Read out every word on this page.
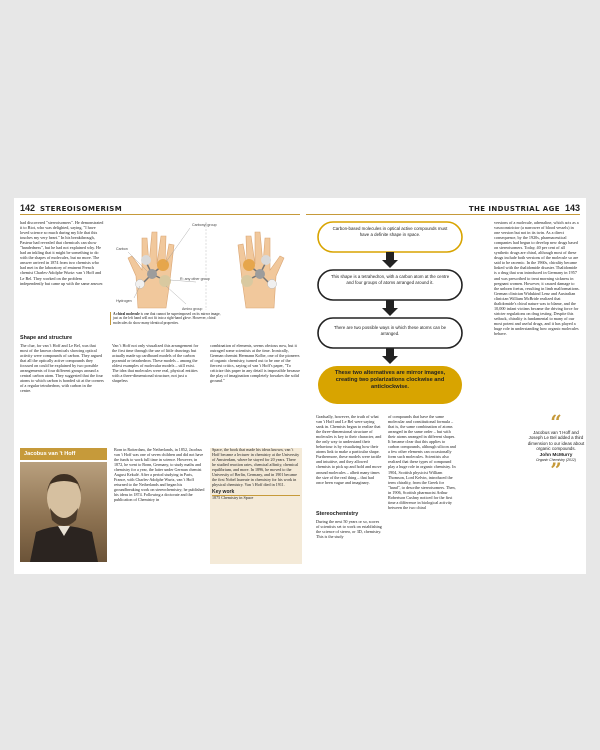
142 STEREOISOMERISM
had discovered "stereoisomers". He demonstrated it to Biot, who was delighted, saying, "I have loved science so much during my life that this touches my very heart." In his breakthrough, Pasteur had revealed that chemicals can show "handedness", but he had not explained why. He had an inkling that it might be something to do with the shapes of molecules, but no more. The answer arrived in 1874 from two chemists who had met in the laboratory of eminent French chemist Charles-Adolphe Wurtz: van 't Hoff and Le Bel. They worked on the problem independently but came up with the same answer.
Shape and structure
The clue, for van 't Hoff and Le Bel, was that most of the known chemicals showing optical activity were compounds of carbon. They argued that all the optically active compounds they focused on could be explained by two possible arrangements of four different groups around a central carbon atom. They suggested that the four atoms to which carbon is bonded sit at the corners of a regular tetrahedron, with carbon in the centre.
Carbon
Carbonyl group
Hydrogen
R: any other group
Amino group
A chiral molecule is one that cannot be superimposed on its mirror image, just as the left hand will not fit into a right-hand glove. However, chiral molecules do show many identical properties.
Van 't Hoff not only visualized this arrangement for the first time through the use of little drawings but actually made up cardboard models of the carbon pyramid or tetrahedron. These models – among the oldest examples of molecular models – still exist. The idea that molecules were real, physical entities with a three-dimensional structure, not just a shapeless
combination of elements, seems obvious now, but it outraged some scientists at the time. Ironically, German chemist Hermann Kolbe, one of the pioneers of organic chemistry, turned out to be one of the fiercest critics, saying of van 't Hoff's paper, "To criticize this paper in any detail is impossible because the play of imagination completely forsakes the solid ground."
Jacobus van 't Hoff
Born in Rotterdam, the Netherlands, in 1852, Jacobus van 't Hoff was one of seven children and did not have the funds to work full time in science. However, in 1872, he went to Bonn, Germany, to study maths and chemistry for a year, the latter under German chemist August Kekulé. After a period studying in Paris, France, with Charles-Adolphe Wurtz, van 't Hoff returned to the Netherlands and began his groundbreaking work on stereochemistry; he published his ideas in 1874. Following a doctorate and the publication of Chemistry in
Space, the book that made his ideas known, van 't Hoff became a lecturer in chemistry at the University of Amsterdam, where he stayed for 20 years. There he studied reaction rates, chemical affinity, chemical equilibrium, and more. In 1896, he moved to the University of Berlin, Germany, and in 1901 became the first Nobel laureate in chemistry for his work in physical chemistry. Van 't Hoff died in 1911.
Key work
1875 Chemistry in Space
THE INDUSTRIAL AGE 143
Carbon-based molecules in optical active compounds must have a definite shape in space.
This shape is a tetrahedron, with a carbon atom at the centre and four groups of atoms arranged around it.
There are two possible ways in which these atoms can be arranged.
These two alternatives are mirror images, creating two polarizations clockwise and anticlockwise.
Gradually, however, the truth of what van 't Hoff and Le Bel were saying sank in. Chemists began to realize that the three-dimensional structure of molecules is key to their character, and the only way to understand their behaviour is by visualizing how their atoms link to make a particular shape. Furthermore, these models were tactile and intuitive, and they allowed chemists to pick up and hold and move around molecules – albeit many times the size of the real thing – that had once been vague and imaginary.
Stereochemistry
During the next 50 years or so, scores of scientists set to work on establishing the science of stereo, or 3D, chemistry. This is the study
of compounds that have the same molecular and constitutional formula – that is, the same combination of atoms arranged in the same order – but with their atoms arranged in different shapes. It became clear that this applies to carbon compounds, although silicon and a few other elements can occasionally form such molecules. Scientists also realized that these types of compound play a huge role in organic chemistry. In 1904, Scottish physicist William Thomson, Lord Kelvin, introduced the term chirality, from the Greek for "hand", to describe stereoisomers. Then, in 1906, Scottish pharmacist Arthur Robertson Cushny noticed for the first time a difference in biological activity between the two chiral
versions of a molecule, adrenaline, which acts as a vasoconstrictor (a narrower of blood vessels) in one version but not in its twin. As a direct consequence, by the 1920s, pharmaceutical companies had begun to develop new drugs based on stereoisomers. Today, 40 per cent of all synthetic drugs are chiral, although most of these drugs include both versions of the molecule so are said to be racemic. In the 1960s, chirality became linked with the thalidomide disaster. Thalidomide is a drug that was introduced in Germany in 1957 and was prescribed to treat morning sickness in pregnant women. However, it caused damage to the unborn foetus, resulting in limb malformations. German clinician Widukind Lenz and Australian clinician William McBride realized that thalidomide's chiral nature was to blame, and the 10,000 infant victims became the driving force for stricter regulations on drug testing. Despite this setback, chirality is fundamental to many of our most potent and useful drugs, and it has played a huge role in understanding how organic molecules behave.
“
Jacobus van 't Hoff and Joseph Le Bel added a third dimension to our ideas about organic compounds.
John McMurry
Organic Chemistry (2012)
”
